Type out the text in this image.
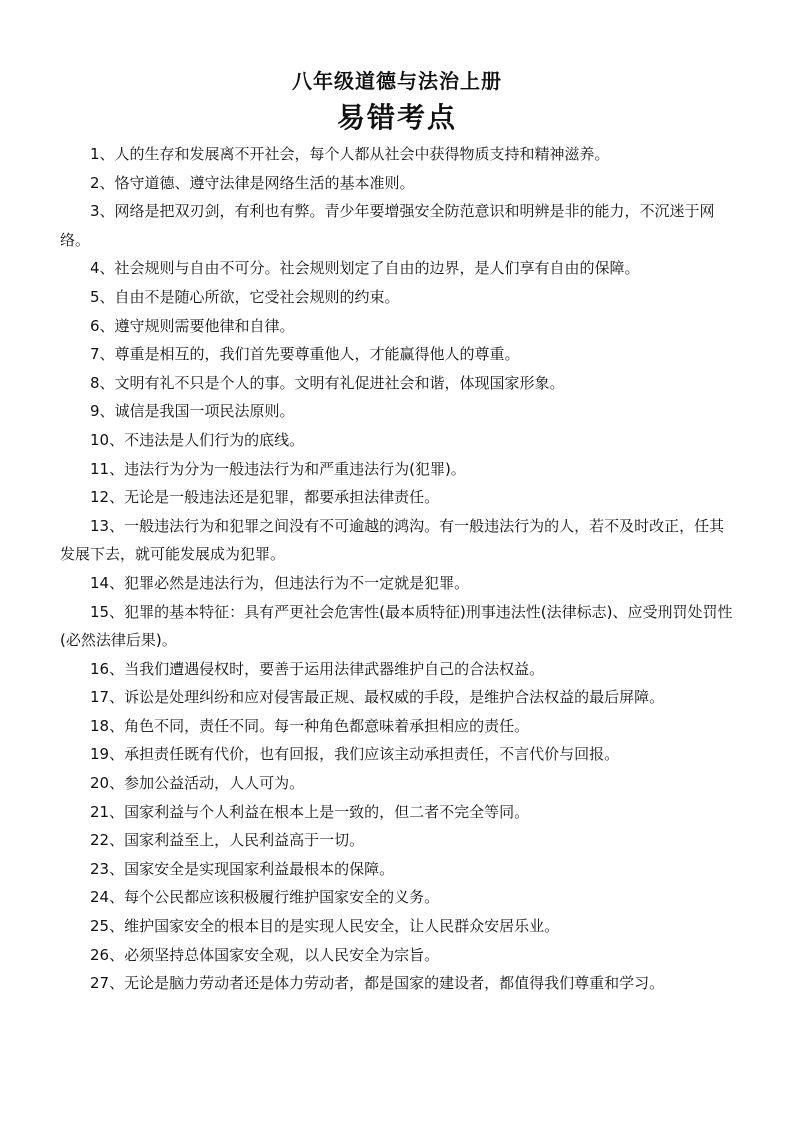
八年级道德与法治上册
易错考点

1、人的生存和发展离不开社会，每个人都从社会中获得物质支持和精神滋养。

2、恪守道德、遵守法律是网络生活的基本准则。

3、网络是把双刃剑，有利也有弊。青少年要增强安全防范意识和明辨是非的能力，不沉迷于网络。

4、社会规则与自由不可分。社会规则划定了自由的边界，是人们享有自由的保障。

5、自由不是随心所欲，它受社会规则的约束。

6、遵守规则需要他律和自律。

7、尊重是相互的，我们首先要尊重他人，才能赢得他人的尊重。

8、文明有礼不只是个人的事。文明有礼促进社会和谐，体现国家形象。

9、诚信是我国一项民法原则。

10、不违法是人们行为的底线。

11、违法行为分为一般违法行为和严重违法行为(犯罪)。

12、无论是一般违法还是犯罪，都要承担法律责任。

13、一般违法行为和犯罪之间没有不可逾越的鸿沟。有一般违法行为的人，若不及时改正，任其发展下去，就可能发展成为犯罪。

14、犯罪必然是违法行为，但违法行为不一定就是犯罪。

15、犯罪的基本特征：具有严更社会危害性(最本质特征)刑事违法性(法律标志)、应受刑罚处罚性(必然法律后果)。

16、当我们遭遇侵权时，要善于运用法律武器维护自己的合法权益。

17、诉讼是处理纠纷和应对侵害最正规、最权威的手段，是维护合法权益的最后屏障。

18、角色不同，责任不同。每一种角色都意味着承担相应的责任。

19、承担责任既有代价，也有回报，我们应该主动承担责任，不言代价与回报。

20、参加公益活动，人人可为。

21、国家利益与个人利益在根本上是一致的，但二者不完全等同。

22、国家利益至上，人民利益高于一切。

23、国家安全是实现国家利益最根本的保障。

24、每个公民都应该积极履行维护国家安全的义务。

25、维护国家安全的根本目的是实现人民安全，让人民群众安居乐业。

26、必须坚持总体国家安全观，以人民安全为宗旨。

27、无论是脑力劳动者还是体力劳动者，都是国家的建设者，都值得我们尊重和学习。
